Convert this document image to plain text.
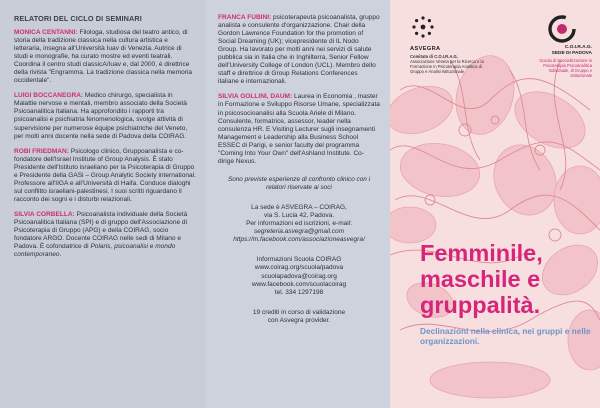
RELATORI DEL CICLO DI SEMINARI

MONICA CENTANNI: Filologa, studiosa del teatro antico, di storia della tradizione classica nella cultura artistica e letteraria, insegna all'Università Iuav di Venezia. Autrice di studi e monografie, ha curato mostre ed eventi teatrali. Coordina il centro studi classicA/Iuav e, dal 2000, è direttrice della rivista "Engramma. La tradizione classica nella memoria occidentale".

LUIGI BOCCANEGRA: Medico chirurgo, specialista in Malattie nervose e mentali, membro associato della Società Psicoanalitica Italiana. Ha approfondito i rapporti tra psicoanalisi e psichiatria fenomenologica, svolge attività di supervisione per numerose équipe psichiatriche del Veneto, per molti anni docente nella sede di Padova della COIRAG.

ROBI FRIEDMAN: Psicologo clinico, Gruppoanalista e co-fondatore dell'Israel Institute of Group Analysis. È stato Presidente dell'Istituto israeliano per la Psicoterapia di Gruppo e Presidente della GASi – Group Analytic Society international. Professore all'IIGA e all'Università di Haifa. Conduce dialoghi sul conflitto israeliani-palestinesi. I suoi scritti riguardano il racconto dei sogni e i disturbi relazionali.

SILVIA CORBELLA: Psicoanalista individuale della Società Psicoanalitica Italiana (SPI) e di gruppo dell'Associazione di Psicoterapia di Gruppo (APG) e della COIRAG, socio fondatore ARGO. Docente COIRAG nelle sedi di Milano e Padova. È cofondatrice di Polaris, psicoanalisi e mondo contemporaneo.

FRANCA FUBINI: psicoterapeuta psicoanalista, gruppo analista e consulente d'organizzazione. Chair della Gordon Lawrence Foundation for the promotion of Social Dreaming (UK); vicepresidente di IL Nodo Group. Ha lavorato per molti anni nei servizi di salute pubblica sia in Italia che in Inghilterra, Senior Fellow dell'University College of London (UCL). Membro dello staff e direttrice di Group Relations Conferences italiane e internazionali.

SILVIA GOLLINI, DAUM: Laurea in Economia , master in Formazione e Sviluppo Risorse Umane, specializzata in psicosocioanalisi alla Scuola Ariele di Milano. Consulente, formatrice, assessor, leader nella consulenza HR. E Visiting Lecturer sugli insegnamenti Management e Leadership alla Business School ESSEC di Parigi, e senior faculty del programma "Coming Into Your Own" dell'Ashland Institute. Co-dirige Nexus.

Sono previste esperienze di confronto clinico con i relatori riservate ai soci

La sede è ASVEGRA – COIRAG,
via S. Lucia 42, Padova.
Per informazioni ed iscrizioni, e-mail:
segreteria.asvegra@gmail.com
https://m.facebook.com/associazioneasvegra/
Informazioni Scuola COIRAG
www.coirag.org/scuola/padova
scuolapadova@coirag.org
www.facebook.com/scuolacoirag
tel. 334 1297198
19 crediti in corso di validazione
con Asvegra provider.
ASVEGRA
Comitato di C.O.I.R.A.G.
Associazione Veneta per la Ricerca e la Formazione in Psicoterapia Analitica di Gruppo e Analisi Istituzionale
C.O.I.R.A.G.
SEDE DI PADOVA
Scuola di Specializzazione in Psicoterapia Psicoanalitica Individuale, di Gruppo e Istituzionale
Femminile,
maschile e
gruppalità.
Declinazioni nella clinica, nei gruppi e nelle organizzazioni.
